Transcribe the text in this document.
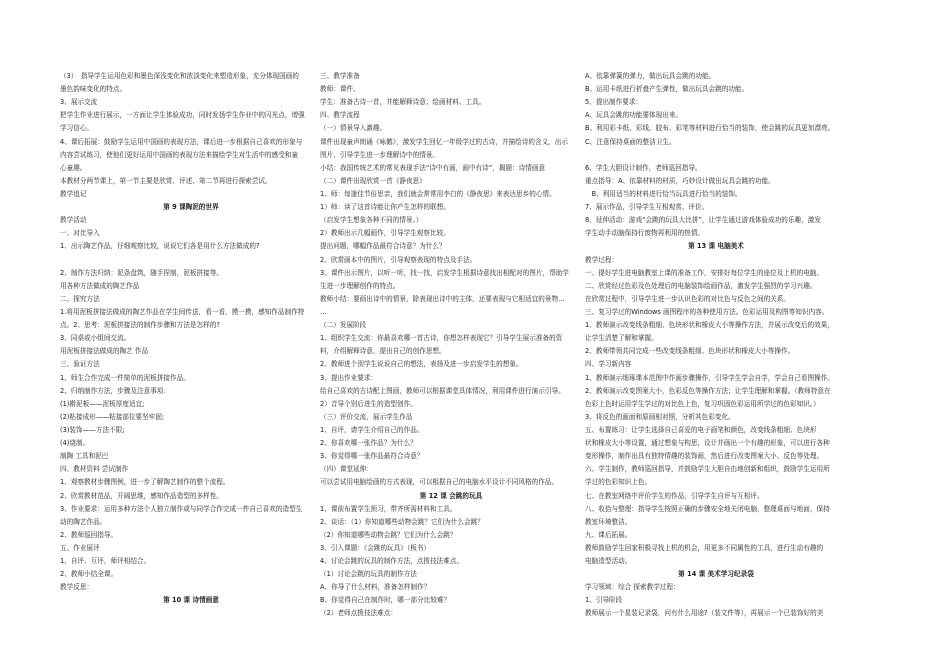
（3）　指导学生运用色彩和墨色深浅变化和浓淡变化来塑造形象，充分体现国画的
墨色韵味变化的特点。
3、展示交流
把学生作业进行展示，一方面让学生体验成功，同时发扬学生作业中的闪光点，增强
学习信心。
4、课后拓展：鼓励学生运用中国画的表现方法，课后进一步根据自己喜欢的形象与
内容尝试练习，使他们更好运用中国画的表现方法来描绘学生对生活中的感受和童
心童趣。
本教材分两节课上，第一节主要是欣赏、评述、第二节再进行探索尝试。
教学追记
第 9 课陶泥的世界
教学活动
一、对比导入
1、出示陶艺作品，仔细观察比较，说说它们各是用什么方法做成的?
2、制作方法归纳：泥条盘筑，随手捏制，泥板拼接等。
用各种方法做成的陶艺作品
二、探究方法
1.将用泥板拼接法做成的陶艺作品在学生间传送，看一看，摸一摸，感知作品制作特
点。2、思考：泥板拼接法的制作步骤和方法是怎样的?
3、同桌或小组间交流。
用泥板拼接法做成的陶艺 作品
三、验证方法
1、师生合作完成一件简单的泥板拼接作品。
2、归纳制作方法，步骤及注意事项：
(1)擀泥板——泥板厚度适宜;
(2)粘接成形——粘接部位要坚牢固;
(3)装饰——方法不限;
(4)烧制。
制陶 工具和泥巴
四、教材资料 尝试制作
1、观察教材步骤图例，进一步了解陶艺制作的整个流程。
2、欣赏教材范品，开阔思维，感知作品造型的多样性。
3、作业要求：运用多种方法个人独立制作或与同学合作完成一件自己喜欢的造型生
动的陶艺作品。
2、教师巡回指导。
五、作业展评
1、自评、互评，师评相结合。
2、教师小结全课。
教学反思：
第 10 课 诗情画意
三、教学准备
教师：课件。
学生：准备古诗一首，并能解释诗意；绘画材料、工具。
四、教学流程
（一）情景导入激趣。
课件出现童声朗诵《咏鹅》，激发学生回忆一年级学过的古诗，并描绘诗的含义，出示
图片，引导学生进一步理解诗中的情景。
小结：我国传统艺术的常见表现手法“诗中有画，画中有诗”，揭题：诗情画意
（二）课件出现欣赏一首《静夜思》
1、师：每逢佳节倍思亲，我们就会常常用李白的《静夜思》来表达思乡的心情。
1）师：读了这首诗能让你产生怎样的联想。
（启发学生想象各种不同的情景。）
2）教师出示几幅画作，引导学生观察比较。
提出问题，哪幅作品最符合诗意？为什么？
2、欣赏画本中的图片，引导观察表现的特点及手法。
3、课件出示图片，以听一听，找一找，启发学生根据诗意找出相配对的图片，帮助学
生进一步理解创作的特点。
教师小结：要画出诗中的情景，除表现出诗中的主体，还要表现与它相适宜的景物…
…
（二）发展阶段
1、组织学生交流：你最喜欢哪一首古诗，你想怎样表现它？引导学生展示准备的资
料，介绍解释诗意，提出自己的创作思想。
2、教师进个别学生说说自己的想法，表扬及进一步启发学生的想象。
3、提出作业要求：
给自己喜欢的古诗配上图画，教师可以根据课堂具体情况，利用课件进行演示引导。
2）音导个别后进生的造型创作。
（三）评价交流，展示学生作品
1、自评，请学生介绍自己的作品。
2、你喜欢哪一张作品？为什么？
3、你觉得哪一张作品最符合诗意？
（四）课堂延伸：
可以尝试用电脑绘画的方式表现，可以根据自己的电脑水平设计不同风格的作品。
第 12 课 会跳的玩具
1、课前布置学生预习，带齐所需材料和工具。
2、谈话：（1）你知道哪些动物会跳？它们为什么会跳？
（2）你知道哪些动物会跳？它们为什么会跳？
3、引入课题：《会跳的玩具》（板书）
4、讨论会跳的玩具的制作方法，点拨技法难点。
（1）讨论会跳的玩具的制作方法
A、你导了什么材料，准备怎样制作？
B、你觉得自己在制作时，哪一部分比较难？
（2）老师点拨技法难点：
A、依靠弹簧的弹力，做出玩具会跳的功能。
B、运用卡纸进行折叠产生弹性，做出玩具会跳的功能。
5、提出制作要求：
A、玩具会跳的功能要体现出来。
B、利用彩卡纸、彩线、胶布、彩笔等材料进行恰当的装饰，使会跳的玩具更加漂亮。
C、注意保持桌面的整洁卫生。
6、学生大胆设计制作，老师巡回指导。
重点指导：A、依靠材料的材质，巧妙设计做出玩具会跳的功能。
　B、利用适当的材料进行恰当玩具进行恰当的装饰。
7、展示作品，引导学生互相观赏、评价。
8、延伸活动：游戏“会跳的玩具大比拼”，让学生通过游戏体验成功的乐趣，激发
学生动手动脑保持行废物再利用的热情。
第 13 课 电脑美术
教学过程：
一、提好学生进电脑教室上课的准备工作，安排好每位学生的座位及上机的电脑。
二、欣赏经过色彩及色处理后的电脑装饰绘画作品，激发学生强烈的学习兴趣。
在欣赏过程中，引导学生进一步认识色彩的对比色与反色之间的关系。
三、复习学过的Windows 画图程序的各种使用方法。色彩运用及构图等知识内容。
1、教师演示改变线条粗细、色块形状和橡皮大小等操作方法，并展示改变后的效果，
让学生清楚了解和掌握。
2、教师带领共同完成一些改变线条粗细、色块形状和橡皮大小等操作。
四、学习新内容
1、教师演示细琢课本范围中作画步骤操作，引导学生学会自学，学会自己看图操作。
2、教师演示改变图案大小，色彩反色等操作方法；让学生理解和掌握。（教师特意在
色彩上色时运用学生学过的对比色上色，复习巩固色彩运用所学过的色彩知识。）
3、将反色的画面和原画相对照，分析其色彩变化。
五、布置练习：让学生选择自己喜爱的电子画笔和颜色，改变线条粗细、色块形
状和橡皮大小等设置，通过想象与构思，设计并画出一个有趣的形象，可以进行各种
变形操作，制作出具有独特情趣的装饰画，然后进行改变图案大小、反色等处理。
六、学生制作，教师巡回指导，并鼓励学生大胆自由地创新和组织，鼓励学生运用所
学过的色彩知识上色。
七、在教室网络中评价学生的作品，引导学生自评与互相评。
八、收拾与整理：指导学生按照正确的步骤安全地关闭电脑，整理桌面与地面，保持
教室环境整洁。
九、课后拓展。
教师鼓励学生回家积极寻找上机的机会，用更多不同属性的工具，进行生动有趣的
电脑造型活动。
第 14 课 美术学习纪录袋
学习领域：综合 探索教学过程：
1、引导阶段
教师展示一个星装记录袋，问有什么用途?（装文件等），再展示一个已装饰好的美
